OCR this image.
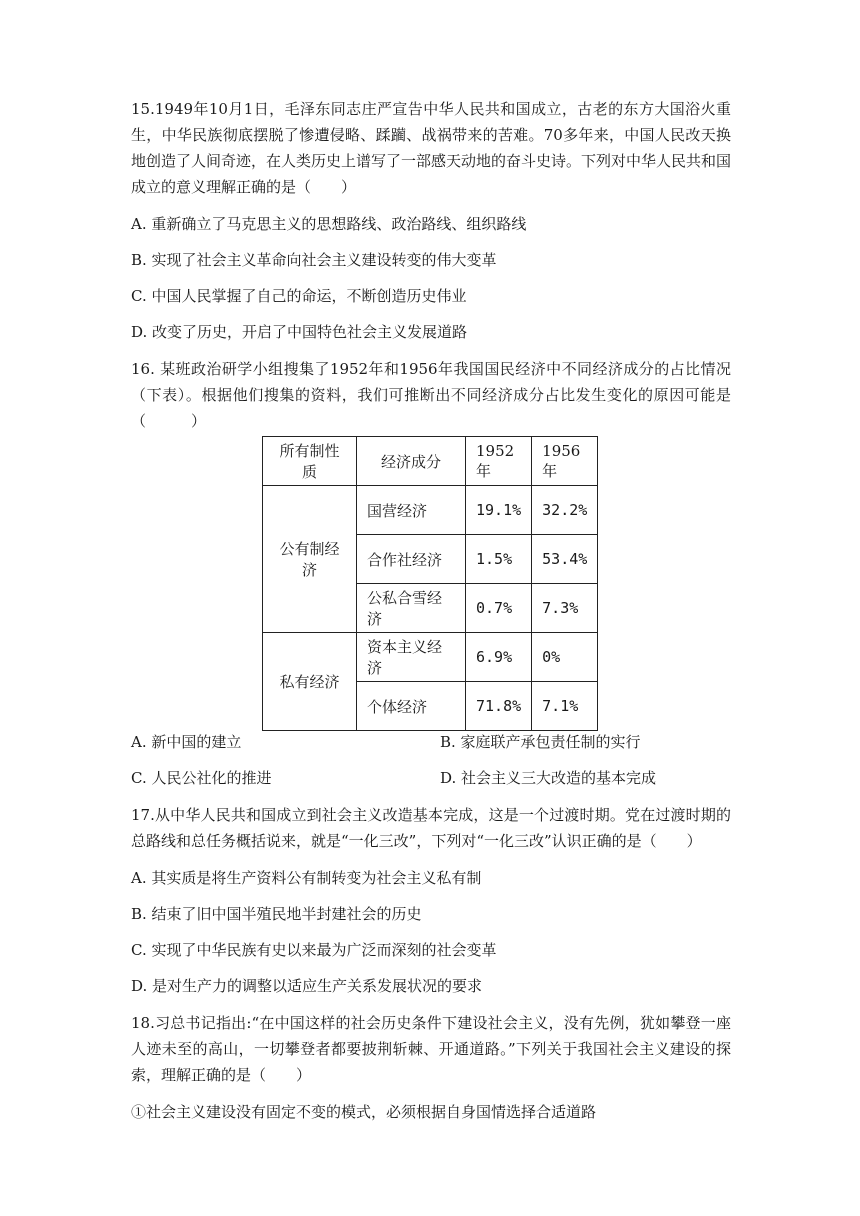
15.1949年10月1日，毛泽东同志庄严宣告中华人民共和国成立，古老的东方大国浴火重生，中华民族彻底摆脱了惨遭侵略、蹂躏、战祸带来的苦难。70多年来，中国人民改天换地创造了人间奇迹，在人类历史上谱写了一部感天动地的奋斗史诗。下列对中华人民共和国成立的意义理解正确的是（　　）

A. 重新确立了马克思主义的思想路线、政治路线、组织路线

B. 实现了社会主义革命向社会主义建设转变的伟大变革

C. 中国人民掌握了自己的命运，不断创造历史伟业

D. 改变了历史，开启了中国特色社会主义发展道路

16. 某班政治研学小组搜集了1952年和1956年我国国民经济中不同经济成分的占比情况（下表）。根据他们搜集的资料，我们可推断出不同经济成分占比发生变化的原因可能是（　　　）

所有制性质	经济成分	1952年	1956年
公有制经济	国营经济	19.1%	32.2%
	合作社经济	1.5%	53.4%
	公私合雪经济	0.7%	7.3%
私有经济	资本主义经济	6.9%	0%
	个体经济	71.8%	7.1%
A. 新中国的建立	B. 家庭联产承包责任制的实行
C. 人民公社化的推进	D. 社会主义三大改造的基本完成

17.从中华人民共和国成立到社会主义改造基本完成，这是一个过渡时期。党在过渡时期的总路线和总任务概括说来，就是“一化三改”，下列对“一化三改”认识正确的是（　　）

A. 其实质是将生产资料公有制转变为社会主义私有制

B. 结束了旧中国半殖民地半封建社会的历史

C. 实现了中华民族有史以来最为广泛而深刻的社会变革

D. 是对生产力的调整以适应生产关系发展状况的要求

18.习总书记指出:“在中国这样的社会历史条件下建设社会主义，没有先例，犹如攀登一座人迹未至的高山，一切攀登者都要披荆斩棘、开通道路。”下列关于我国社会主义建设的探索，理解正确的是（　　）

①社会主义建设没有固定不变的模式，必须根据自身国情选择合适道路
